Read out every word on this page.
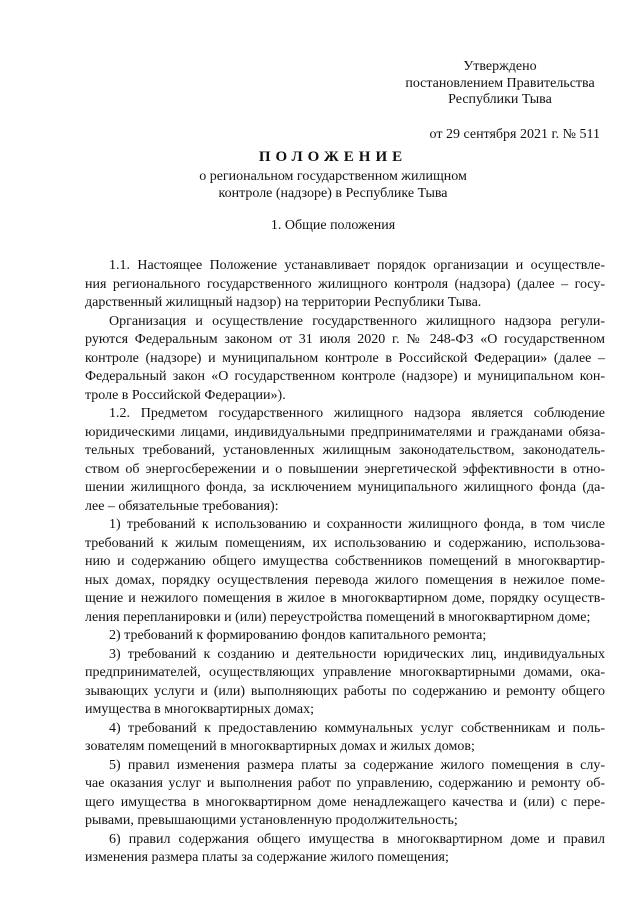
Утверждено
постановлением Правительства
Республики Тыва
от 29 сентября 2021 г. № 511
ПОЛОЖЕНИЕ
о региональном государственном жилищном
контроле (надзоре) в Республике Тыва
1. Общие положения
1.1. Настоящее Положение устанавливает порядок организации и осуществле-
ния регионального государственного жилищного контроля (надзора) (далее – госу-
дарственный жилищный надзор) на территории Республики Тыва.
Организация и осуществление государственного жилищного надзора регули-
руются Федеральным законом от 31 июля 2020 г. № 248-ФЗ «О государственном
контроле (надзоре) и муниципальном контроле в Российской Федерации» (далее –
Федеральный закон «О государственном контроле (надзоре) и муниципальном кон-
троле в Российской Федерации»).
1.2. Предметом государственного жилищного надзора является соблюдение
юридическими лицами, индивидуальными предпринимателями и гражданами обяза-
тельных требований, установленных жилищным законодательством, законодатель-
ством об энергосбережении и о повышении энергетической эффективности в отно-
шении жилищного фонда, за исключением муниципального жилищного фонда (да-
лее – обязательные требования):
1) требований к использованию и сохранности жилищного фонда, в том числе
требований к жилым помещениям, их использованию и содержанию, использова-
нию и содержанию общего имущества собственников помещений в многоквартир-
ных домах, порядку осуществления перевода жилого помещения в нежилое поме-
щение и нежилого помещения в жилое в многоквартирном доме, порядку осуществ-
ления перепланировки и (или) переустройства помещений в многоквартирном доме;
2) требований к формированию фондов капитального ремонта;
3) требований к созданию и деятельности юридических лиц, индивидуальных
предпринимателей, осуществляющих управление многоквартирными домами, ока-
зывающих услуги и (или) выполняющих работы по содержанию и ремонту общего
имущества в многоквартирных домах;
4) требований к предоставлению коммунальных услуг собственникам и поль-
зователям помещений в многоквартирных домах и жилых домов;
5) правил изменения размера платы за содержание жилого помещения в слу-
чае оказания услуг и выполнения работ по управлению, содержанию и ремонту об-
щего имущества в многоквартирном доме ненадлежащего качества и (или) с пере-
рывами, превышающими установленную продолжительность;
6) правил содержания общего имущества в многоквартирном доме и правил
изменения размера платы за содержание жилого помещения;
